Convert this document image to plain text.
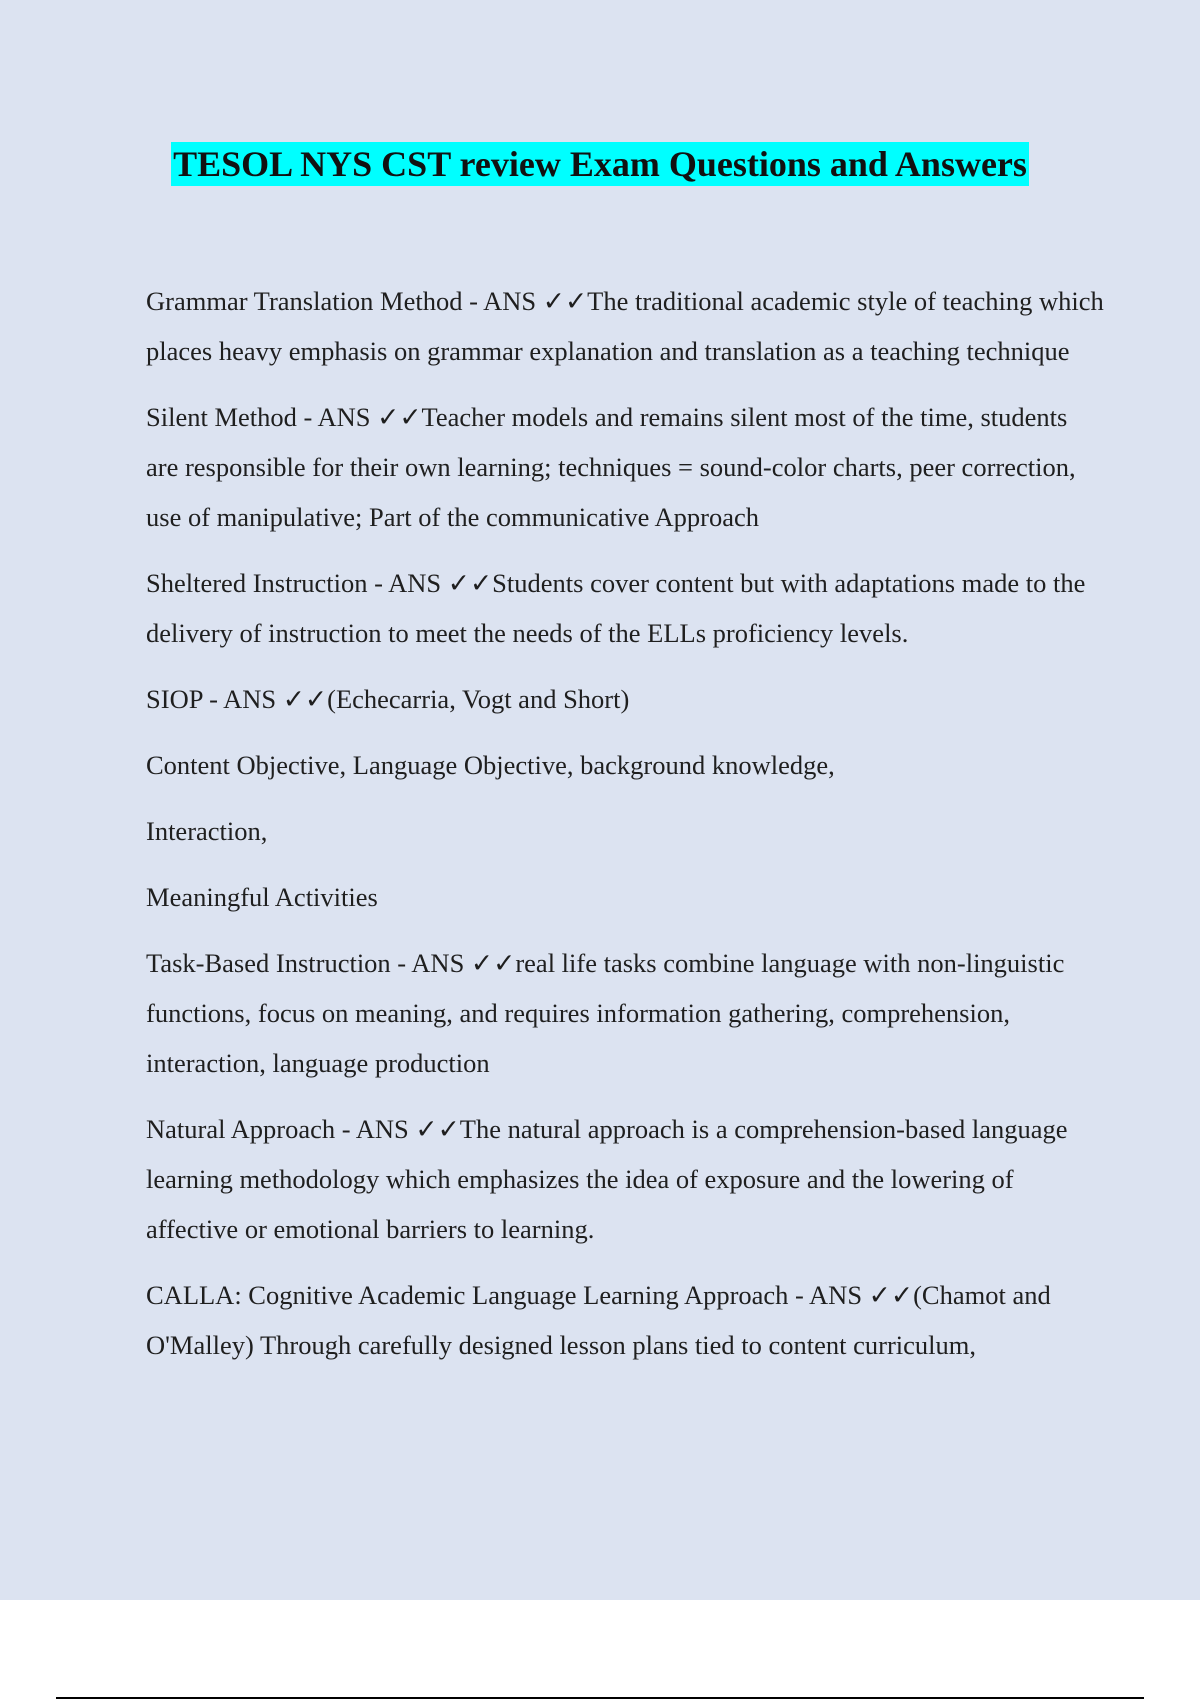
TESOL NYS CST review Exam Questions and Answers

Grammar Translation Method - ANS ✓✓The traditional academic style of teaching which places heavy emphasis on grammar explanation and translation as a teaching technique

Silent Method - ANS ✓✓Teacher models and remains silent most of the time, students are responsible for their own learning; techniques = sound-color charts, peer correction, use of manipulative; Part of the communicative Approach

Sheltered Instruction - ANS ✓✓Students cover content but with adaptations made to the delivery of instruction to meet the needs of the ELLs proficiency levels.

SIOP - ANS ✓✓(Echecarria, Vogt and Short)

Content Objective, Language Objective, background knowledge,

Interaction,

Meaningful Activities

Task-Based Instruction - ANS ✓✓real life tasks combine language with non-linguistic functions, focus on meaning, and requires information gathering, comprehension, interaction, language production

Natural Approach - ANS ✓✓The natural approach is a comprehension-based language learning methodology which emphasizes the idea of exposure and the lowering of affective or emotional barriers to learning.

CALLA: Cognitive Academic Language Learning Approach - ANS ✓✓(Chamot and O'Malley) Through carefully designed lesson plans tied to content curriculum,
